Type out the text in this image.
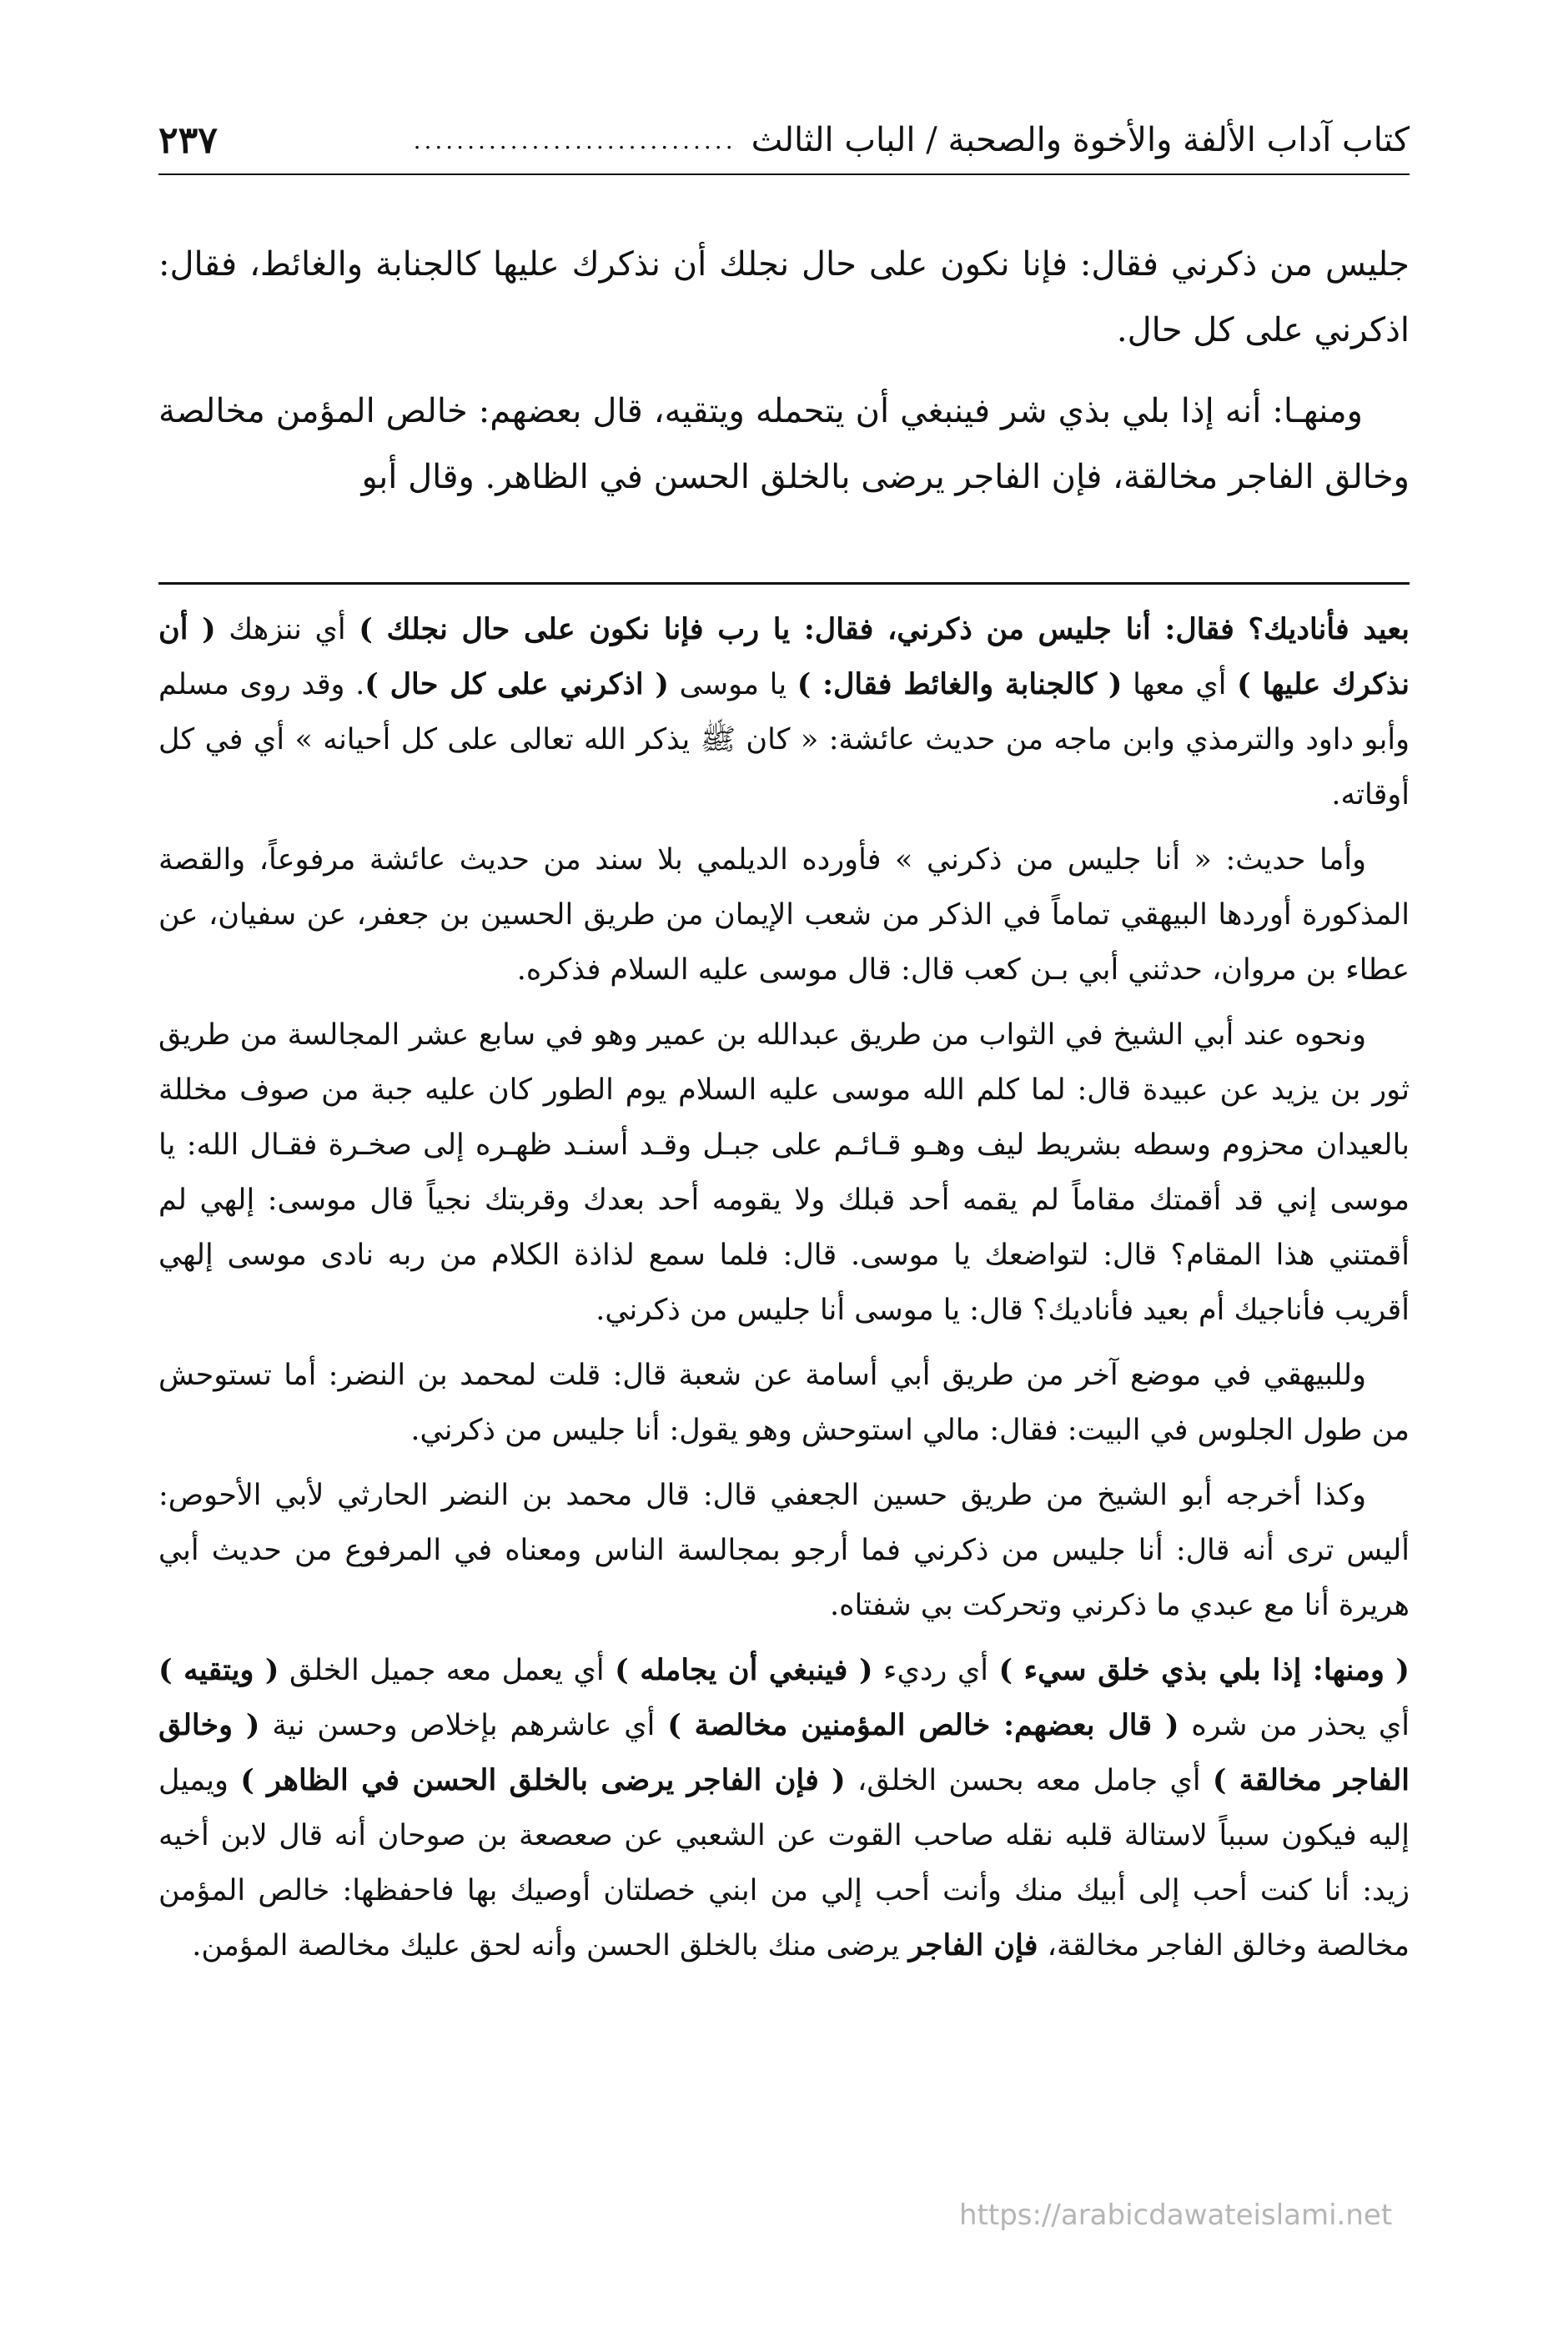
كتاب آداب الألفة والأخوة والصحبة / الباب الثالث
..............................
٢٣٧

جليس من ذكرني فقال: فإنا نكون على حال نجلك أن نذكرك عليها كالجنابة والغائط، فقال: اذكرني على كل حال.

ومنهـا: أنه إذا بلي بذي شر فينبغي أن يتحمله ويتقيه، قال بعضهم: خالص المؤمن مخالصة وخالق الفاجر مخالقة، فإن الفاجر يرضى بالخلق الحسن في الظاهر. وقال أبو

بعيد فأناديك؟ فقال: أنا جليس من ذكرني، فقال: يا رب فإنا نكون على حال نجلك ) أي ننزهك ( أن نذكرك عليها ) أي معها ( كالجنابة والغائط فقال: ) يا موسى ( اذكرني على كل حال ). وقد روى مسلم وأبو داود والترمذي وابن ماجه من حديث عائشة: « كان ﷺ يذكر الله تعالى على كل أحيانه » أي في كل أوقاته.

وأما حديث: « أنا جليس من ذكرني » فأورده الديلمي بلا سند من حديث عائشة مرفوعاً، والقصة المذكورة أوردها البيهقي تماماً في الذكر من شعب الإيمان من طريق الحسين بن جعفر، عن سفيان، عن عطاء بن مروان، حدثني أبي بـن كعب قال: قال موسى عليه السلام فذكره.

ونحوه عند أبي الشيخ في الثواب من طريق عبدالله بن عمير وهو في سابع عشر المجالسة من طريق ثور بن يزيد عن عبيدة قال: لما كلم الله موسى عليه السلام يوم الطور كان عليه جبة من صوف مخللة بالعيدان محزوم وسطه بشريط ليف وهـو قـائـم على جبـل وقـد أسنـد ظهـره إلى صخـرة فقـال الله: يا موسى إني قد أقمتك مقاماً لم يقمه أحد قبلك ولا يقومه أحد بعدك وقربتك نجياً قال موسى: إلهي لم أقمتني هذا المقام؟ قال: لتواضعك يا موسى. قال: فلما سمع لذاذة الكلام من ربه نادى موسى إلهي أقريب فأناجيك أم بعيد فأناديك؟ قال: يا موسى أنا جليس من ذكرني.

وللبيهقي في موضع آخر من طريق أبي أسامة عن شعبة قال: قلت لمحمد بن النضر: أما تستوحش من طول الجلوس في البيت: فقال: مالي استوحش وهو يقول: أنا جليس من ذكرني.

وكذا أخرجه أبو الشيخ من طريق حسين الجعفي قال: قال محمد بن النضر الحارثي لأبي الأحوص: أليس ترى أنه قال: أنا جليس من ذكرني فما أرجو بمجالسة الناس ومعناه في المرفوع من حديث أبي هريرة أنا مع عبدي ما ذكرني وتحركت بي شفتاه.

( ومنها: إذا بلي بذي خلق سيء ) أي رديء ( فينبغي أن يجامله ) أي يعمل معه جميل الخلق ( ويتقيه ) أي يحذر من شره ( قال بعضهم: خالص المؤمنين مخالصة ) أي عاشرهم بإخلاص وحسن نية ( وخالق الفاجر مخالقة ) أي جامل معه بحسن الخلق، ( فإن الفاجر يرضى بالخلق الحسن في الظاهر ) ويميل إليه فيكون سبباً لاستالة قلبه نقله صاحب القوت عن الشعبي عن صعصعة بن صوحان أنه قال لابن أخيه زيد: أنا كنت أحب إلى أبيك منك وأنت أحب إلي من ابني خصلتان أوصيك بها فاحفظها: خالص المؤمن مخالصة وخالق الفاجر مخالقة، فإن الفاجر يرضى منك بالخلق الحسن وأنه لحق عليك مخالصة المؤمن.

https://arabicdawateislami.net
